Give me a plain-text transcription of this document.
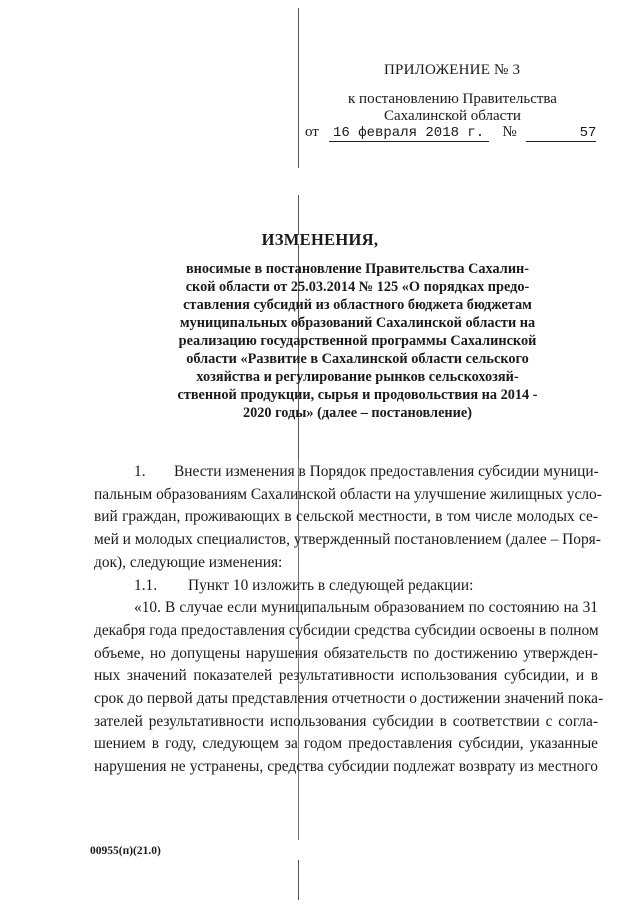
ПРИЛОЖЕНИЕ № 3
к постановлению Правительства
Сахалинской области
от 16 февраля 2018 г. №	57
ИЗМЕНЕНИЯ,
вносимые в постановление Правительства Сахалин-
ской области от 25.03.2014 № 125 «О порядках предо-
ставления субсидий из областного бюджета бюджетам
муниципальных образований Сахалинской области на
реализацию государственной программы Сахалинской
области «Развитие в Сахалинской области сельского
хозяйства и регулирование рынков сельскохозяй-
ственной продукции, сырья и продовольствия на 2014 -
2020 годы» (далее – постановление)
1. Внести изменения в Порядок предоставления субсидии муници-
пальным образованиям Сахалинской области на улучшение жилищных усло-
вий граждан, проживающих в сельской местности, в том числе молодых се-
мей и молодых специалистов, утвержденный постановлением (далее – Поря-
док), следующие изменения:
1.1. Пункт 10 изложить в следующей редакции:
«10. В случае если муниципальным образованием по состоянию на 31
декабря года предоставления субсидии средства субсидии освоены в полном
объеме, но допущены нарушения обязательств по достижению утвержден-
ных значений показателей результативности использования субсидии, и в
срок до первой даты представления отчетности о достижении значений пока-
зателей результативности использования субсидии в соответствии с согла-
шением в году, следующем за годом предоставления субсидии, указанные
нарушения не устранены, средства субсидии подлежат возврату из местного
00955(п)(21.0)
